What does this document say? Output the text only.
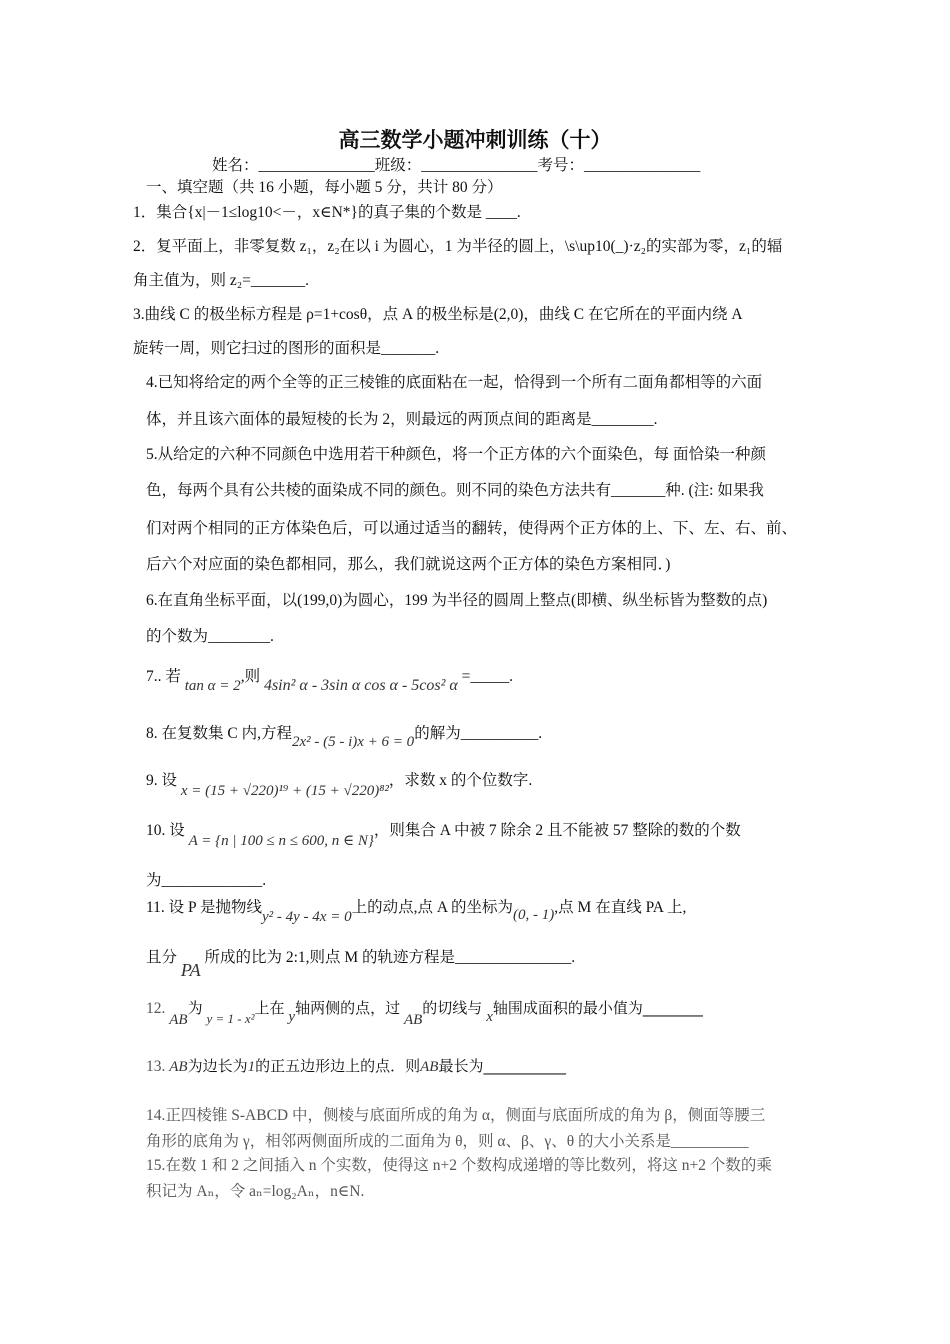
高三数学小题冲刺训练（十）
姓名：_______________班级：_______________考号：_______________
一、填空题（共 16 小题，每小题 5 分，共计 80 分）
1．集合{x|－1≤log10<－，x∈N*}的真子集的个数是 ____.
2．复平面上，非零复数 z₁，z₂在以 i 为圆心，1 为半径的圆上，\s\up10(_)·z₂的实部为零，z₁的辐
角主值为，则 z₂=_______.
3.曲线 C 的极坐标方程是 ρ=1+cosθ，点 A 的极坐标是(2,0)，曲线 C 在它所在的平面内绕 A
旋转一周，则它扫过的图形的面积是_______.
4.已知将给定的两个全等的正三棱锥的底面粘在一起，恰得到一个所有二面角都相等的六面
体，并且该六面体的最短棱的长为 2，则最远的两顶点间的距离是________.
5.从给定的六种不同颜色中选用若干种颜色，将一个正方体的六个面染色，每 面恰染一种颜
色，每两个具有公共棱的面染成不同的颜色。则不同的染色方法共有_______种. (注: 如果我
们对两个相同的正方体染色后，可以通过适当的翻转，使得两个正方体的上、下、左、右、前、
后六个对应面的染色都相同，那么，我们就说这两个正方体的染色方案相同．)
6.在直角坐标平面，以(199,0)为圆心，199 为半径的圆周上整点(即横、纵坐标皆为整数的点)
的个数为________.
7.. 若 tan α = 2,则 4sin² α - 3sin α cos α - 5cos² α =_____.
8. 在复数集 C 内,方程2x² - (5 - i)x + 6 = 0的解为__________.
9. 设 x = (15 + √220)¹⁹ + (15 + √220)⁸²，求数 x 的个位数字.
10. 设 A = {n | 100 ≤ n ≤ 600, n ∈ N}，则集合 A 中被 7 除余 2 且不能被 57 整除的数的个数
为_____________.
11. 设 P 是抛物线y² - 4y - 4x = 0上的动点,点 A 的坐标为(0, - 1),点 M 在直线 PA 上,
且分 PA 所成的比为 2:1,则点 M 的轨迹方程是_______________.
12. AB为 $_{y = 1 - x^2}$上在 y轴两侧的点，过 AB的切线与 x轴围成面积的最小值为________
13. AB为边长为1的正五边形边上的点．则AB最长为___________
14.正四棱锥 S-ABCD 中，侧棱与底面所成的角为 α，侧面与底面所成的角为 β，侧面等腰三
角形的底角为 γ，相邻两侧面所成的二面角为 θ，则 α、β、γ、θ 的大小关系是__________
15.在数 1 和 2 之间插入 n 个实数，使得这 n+2 个数构成递增的等比数列，将这 n+2 个数的乘
积记为 Aₙ，令 aₙ=log₂Aₙ，n∈N.
